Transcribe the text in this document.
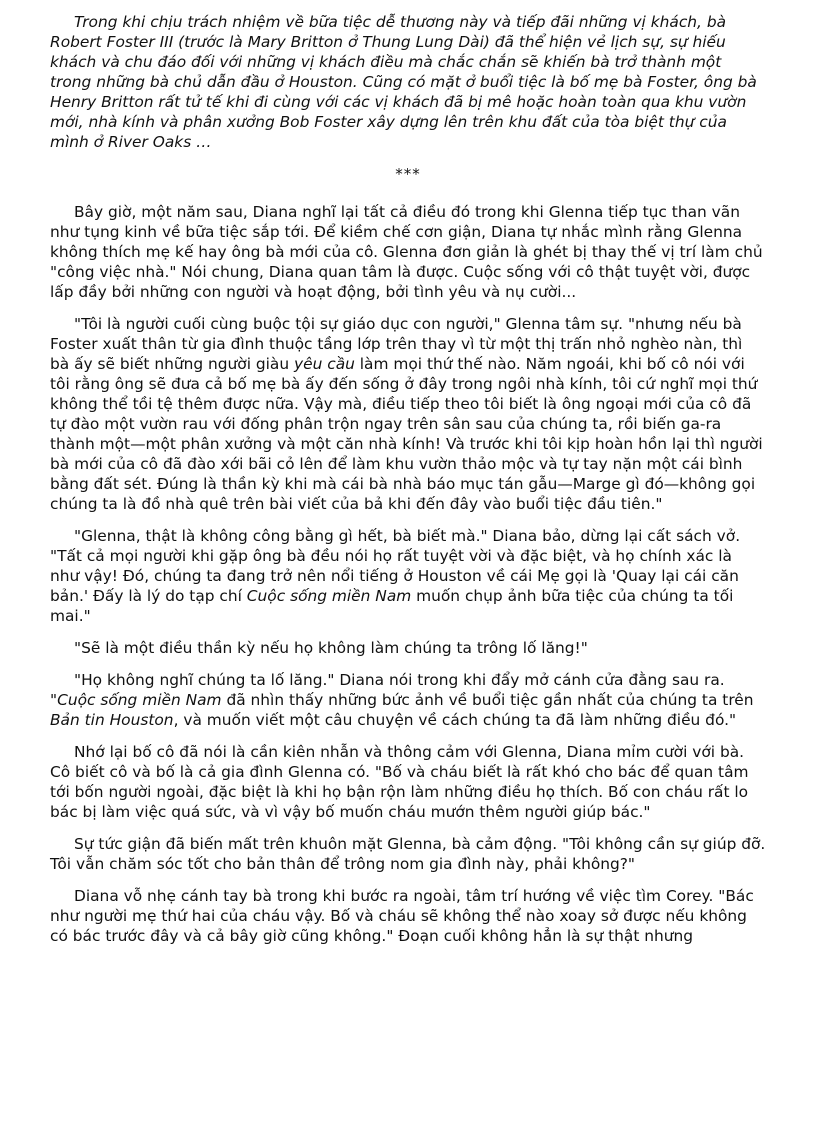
Trong khi chịu trách nhiệm về bữa tiệc dễ thương này và tiếp đãi những vị khách, bà Robert Foster III (trước là Mary Britton ở Thung Lung Dài) đã thể hiện vẻ lịch sự, sự hiếu khách và chu đáo đối với những vị khách điều mà chắc chắn sẽ khiến bà trở thành một trong những bà chủ dẫn đầu ở Houston. Cũng có mặt ở buổi tiệc là bố mẹ bà Foster, ông bà Henry Britton rất tử tế khi đi cùng với các vị khách đã bị mê hoặc hoàn toàn qua khu vườn mới, nhà kính và phân xưởng Bob Foster xây dựng lên trên khu đất của tòa biệt thự của mình ở River Oaks …

***

Bây giờ, một năm sau, Diana nghĩ lại tất cả điều đó trong khi Glenna tiếp tục than vãn như tụng kinh về bữa tiệc sắp tới. Để kiềm chế cơn giận, Diana tự nhắc mình rằng Glenna không thích mẹ kế hay ông bà mới của cô. Glenna đơn giản là ghét bị thay thế vị trí làm chủ "công việc nhà." Nói chung, Diana quan tâm là được. Cuộc sống với cô thật tuyệt vời, được lấp đầy bởi những con người và hoạt động, bởi tình yêu và nụ cười...

"Tôi là người cuối cùng buộc tội sự giáo dục con người," Glenna tâm sự. "nhưng nếu bà Foster xuất thân từ gia đình thuộc tầng lớp trên thay vì từ một thị trấn nhỏ nghèo nàn, thì bà ấy sẽ biết những người giàu yêu cầu làm mọi thứ thế nào. Năm ngoái, khi bố cô nói với tôi rằng ông sẽ đưa cả bố mẹ bà ấy đến sống ở đây trong ngôi nhà kính, tôi cứ nghĩ mọi thứ không thể tồi tệ thêm được nữa. Vậy mà, điều tiếp theo tôi biết là ông ngoại mới của cô đã tự đào một vườn rau với đống phân trộn ngay trên sân sau của chúng ta, rồi biến ga-ra thành một—một phân xưởng và một căn nhà kính! Và trước khi tôi kịp hoàn hồn lại thì người bà mới của cô đã đào xới bãi cỏ lên để làm khu vườn thảo mộc và tự tay nặn một cái bình bằng đất sét. Đúng là thần kỳ khi mà cái bà nhà báo mục tán gẫu—Marge gì đó—không gọi chúng ta là đồ nhà quê trên bài viết của bả khi đến đây vào buổi tiệc đầu tiên."

"Glenna, thật là không công bằng gì hết, bà biết mà." Diana bảo, dừng lại cất sách vở. "Tất cả mọi người khi gặp ông bà đều nói họ rất tuyệt vời và đặc biệt, và họ chính xác là như vậy! Đó, chúng ta đang trở nên nổi tiếng ở Houston về cái Mẹ gọi là 'Quay lại cái căn bản.' Đấy là lý do tạp chí Cuộc sống miền Nam muốn chụp ảnh bữa tiệc của chúng ta tối mai."

"Sẽ là một điều thần kỳ nếu họ không làm chúng ta trông lố lăng!"

"Họ không nghĩ chúng ta lố lăng." Diana nói trong khi đẩy mở cánh cửa đằng sau ra. "Cuộc sống miền Nam đã nhìn thấy những bức ảnh về buổi tiệc gần nhất của chúng ta trên Bản tin Houston, và muốn viết một câu chuyện về cách chúng ta đã làm những điều đó."

Nhớ lại bố cô đã nói là cần kiên nhẫn và thông cảm với Glenna, Diana mỉm cười với bà. Cô biết cô và bố là cả gia đình Glenna có. "Bố và cháu biết là rất khó cho bác để quan tâm tới bốn người ngoài, đặc biệt là khi họ bận rộn làm những điều họ thích. Bố con cháu rất lo bác bị làm việc quá sức, và vì vậy bố muốn cháu mướn thêm người giúp bác."

Sự tức giận đã biến mất trên khuôn mặt Glenna, bà cảm động. "Tôi không cần sự giúp đỡ. Tôi vẫn chăm sóc tốt cho bản thân để trông nom gia đình này, phải không?"

Diana vỗ nhẹ cánh tay bà trong khi bước ra ngoài, tâm trí hướng về việc tìm Corey. "Bác như người mẹ thứ hai của cháu vậy. Bố và cháu sẽ không thể nào xoay sở được nếu không có bác trước đây và cả bây giờ cũng không." Đoạn cuối không hẳn là sự thật nhưng
